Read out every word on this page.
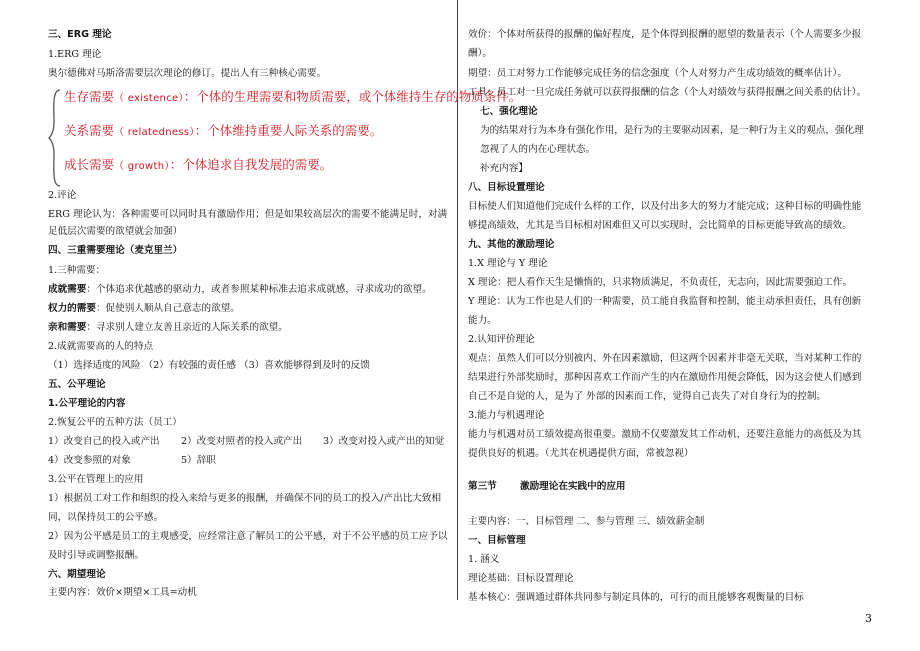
三、ERG 理论
1.ERG 理论
奥尔德佛对马斯洛需要层次理论的修订。提出人有三种核心需要。
生存需要（ existence）：个体的生理需要和物质需要，或个体维持生存的物质条件。
关系需要（ relatedness）：个体维持重要人际关系的需要。
成长需要（ growth）：个体追求自我发展的需要。
2.评论
ERG 理论认为：各种需要可以同时具有激励作用；但是如果较高层次的需要不能满足时，对满
足低层次需要的欲望就会加强）
四、三重需要理论（麦克里兰）
1.三种需要：
成就需要：个体追求优越感的驱动力，或者参照某种标准去追求成就感，寻求成功的欲望。
权力的需要：促使别人顺从自己意志的欲望。
亲和需要：寻求别人建立友善且亲近的人际关系的欲望。
2.成就需要高的人的特点
（1）选择适度的风险 （2）有较强的责任感 （3）喜欢能够得到及时的反馈
五、公平理论
1.公平理论的内容
2.恢复公平的五种方法（员工）
1）改变自己的投入或产出 2）改变对照者的投入或产出 3）改变对投入或产出的知觉
4）改变参照的对象	5）辞职
3.公平在管理上的应用
1）根据员工对工作和组织的投入来给与更多的报酬，并确保不同的员工的投入/产出比大致相
同，以保持员工的公平感。
2）因为公平感是员工的主观感受，应经常注意了解员工的公平感，对于不公平感的员工应予以
及时引导或调整报酬。
六、期望理论
主要内容：效价×期望×工具=动机
效价：个体对所获得的报酬的偏好程度，是个体得到报酬的愿望的数量表示（个人需要多少报
酬）。
期望：员工对努力工作能够完成任务的信念强度（个人对努力产生成功绩效的概率估计）。
工具：员工对一旦完成任务就可以获得报酬的信念（个人对绩效与获得报酬之间关系的估计）。
七、强化理论
为的结果对行为本身有强化作用，是行为的主要驱动因素，是一种行为主义的观点，强化理
忽视了人的内在心理状态。
补充内容】
八、目标设置理论
目标使人们知道他们完成什么样的工作，以及付出多大的努力才能完成；这种目标的明确性能
够提高绩效，尤其是当目标相对困难但又可以实现时，会比简单的目标更能导致高的绩效。
九、其他的激励理论
1.X 理论与 Y 理论
X 理论：把人看作天生是懒惰的，只求物质满足，不负责任，无志向，因此需要强迫工作。
Y 理论：认为工作也是人们的一种需要，员工能自我监督和控制，能主动承担责任，具有创新
能力。
2.认知评价理论
观点：虽然人们可以分别被内、外在因素激励，但这两个因素并非毫无关联，当对某种工作的
结果进行外部奖励时，那种因喜欢工作而产生的内在激励作用便会降低，因为这会使人们感到
自己不是自觉的人，是为了 外部的因素而工作，觉得自己丧失了对自身行为的控制。
3.能力与机遇理论
能力与机遇对员工绩效提高很重要。激励不仅要激发其工作动机，还要注意能力的高低及为其
提供良好的机遇。（尤其在机遇提供方面，常被忽视）
第三节 激励理论在实践中的应用
主要内容：一、目标管理 二、参与管理 三、绩效薪金制
一、目标管理
1. 涵义
理论基础：目标设置理论
基本核心：强调通过群体共同参与制定具体的，可行的而且能够客观衡量的目标
3
